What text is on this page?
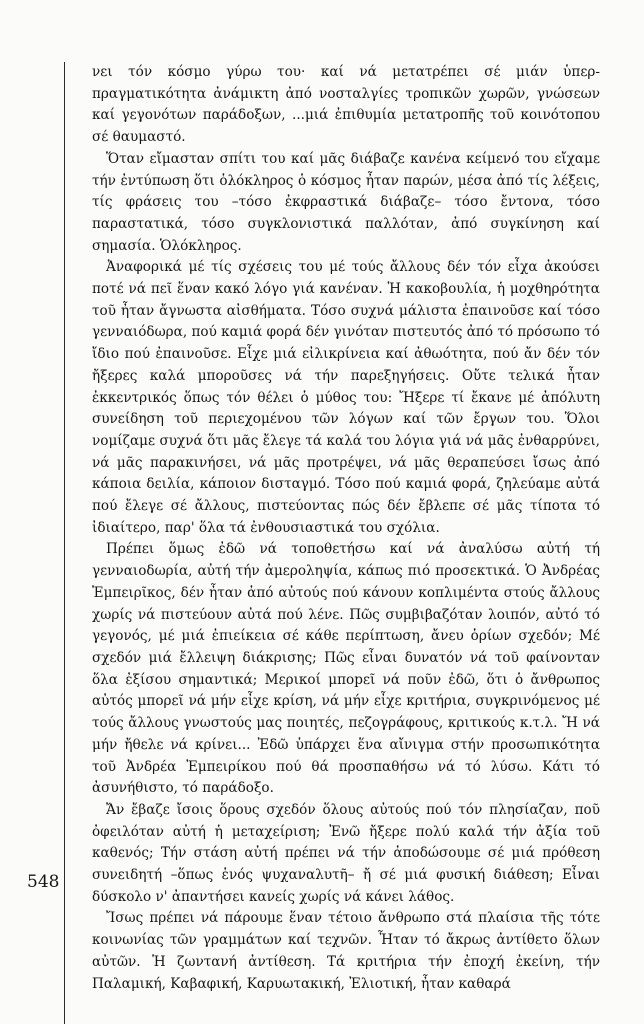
νει τόν κόσμο γύρω του· καί νά μετατρέπει σέ μιάν ὑπερ-πραγματικότητα ἀνάμικτη ἀπό νοσταλγίες τροπικῶν χωρῶν, γνώσεων καί γεγονότων παράδοξων, ...μιά ἐπιθυμία μετατροπῆς τοῦ κοινότοπου σέ θαυμαστό.

Ὅταν εἴμασταν σπίτι του καί μᾶς διάβαζε κανένα κείμενό του εἴχαμε τήν ἐντύπωση ὅτι ὁλόκληρος ὁ κόσμος ἦταν παρών, μέσα ἀπό τίς λέξεις, τίς φράσεις του –τόσο ἐκφραστικά διάβαζε– τόσο ἔντονα, τόσο παραστατικά, τόσο συγκλονιστικά παλλόταν, ἀπό συγκίνηση καί σημασία. Ὁλόκληρος.

Ἀναφορικά μέ τίς σχέσεις του μέ τούς ἄλλους δέν τόν εἶχα ἀκούσει ποτέ νά πεῖ ἕναν κακό λόγο γιά κανέναν. Ἡ κακοβουλία, ἡ μοχθηρότητα τοῦ ἦταν ἄγνωστα αἰσθήματα. Τόσο συχνά μάλιστα ἐπαινοῦσε καί τόσο γενναιόδωρα, πού καμιά φορά δέν γινόταν πιστευτός ἀπό τό πρόσωπο τό ἴδιο πού ἐπαινοῦσε. Εἶχε μιά εἰλικρίνεια καί ἀθωότητα, πού ἄν δέν τόν ἤξερες καλά μποροῦσες νά τήν παρεξηγήσεις. Οὔτε τελικά ἦταν ἐκκεντρικός ὅπως τόν θέλει ὁ μύθος του: Ἤξερε τί ἔκανε μέ ἀπόλυτη συνείδηση τοῦ περιεχομένου τῶν λόγων καί τῶν ἔργων του. Ὅλοι νομίζαμε συχνά ὅτι μᾶς ἔλεγε τά καλά του λόγια γιά νά μᾶς ἐνθαρρύνει, νά μᾶς παρακινήσει, νά μᾶς προτρέψει, νά μᾶς θεραπεύσει ἴσως ἀπό κάποια δειλία, κάποιον δισταγμό. Τόσο πού καμιά φορά, ζηλεύαμε αὐτά πού ἔλεγε σέ ἄλλους, πιστεύοντας πώς δέν ἔβλεπε σέ μᾶς τίποτα τό ἰδιαίτερο, παρ' ὅλα τά ἐνθουσιαστικά του σχόλια.

Πρέπει ὅμως ἐδῶ νά τοποθετήσω καί νά ἀναλύσω αὐτή τή γενναιοδωρία, αὐτή τήν ἀμεροληψία, κάπως πιό προσεκτικά. Ὁ Ἀνδρέας Ἐμπειρῖκος, δέν ἦταν ἀπό αὐτούς πού κάνουν κοπλιμέντα στούς ἄλλους χωρίς νά πιστεύουν αὐτά πού λένε. Πῶς συμβιβαζόταν λοιπόν, αὐτό τό γεγονός, μέ μιά ἐπιείκεια σέ κάθε περίπτωση, ἄνευ ὁρίων σχεδόν; Μέ σχεδόν μιά ἔλλειψη διάκρισης; Πῶς εἶναι δυνατόν νά τοῦ φαίνονταν ὅλα ἐξίσου σημαντικά; Μερικοί μποpεῖ νά ποῦν ἐδῶ, ὅτι ὁ ἄνθρωπος αὐτός μπορεῖ νά μήν εἶχε κρίση, νά μήν εἶχε κριτήρια, συγκρινόμενος μέ τούς ἄλλους γνωστούς μας ποιητές, πεζογράφους, κριτικούς κ.τ.λ. Ἤ νά μήν ἤθελε νά κρίνει... Ἐδῶ ὑπάρχει ἕνα αἴνιγμα στήν προσωπικότητα τοῦ Ἀνδρέα Ἐμπειρίκου πού θά προσπαθήσω νά τό λύσω. Κάτι τό ἀσυνήθιστο, τό παράδοξο.

Ἄν ἔβαζε ἴσοις ὅρους σχεδόν ὅλους αὐτούς πού τόν πλησίαζαν, ποῦ ὀφειλόταν αὐτή ἡ μεταχείριση; Ἐνῶ ἤξερε πολύ καλά τήν ἀξία τοῦ καθενός; Τήν στάση αὐτή πρέπει νά τήν ἀποδώσουμε σέ μιά πρόθεση συνειδητή –ὅπως ἑνός ψυχαναλυτῆ– ἤ σέ μιά φυσική διάθεση; Εἶναι δύσκολο ν' ἀπαντήσει κανείς χωρίς νά κάνει λάθος.

Ἴσως πρέπει νά πάρουμε ἕναν τέτοιο ἄνθρωπο στά πλαίσια τῆς τότε κοινωνίας τῶν γραμμάτων καί τεχνῶν. Ἦταν τό ἄκρως ἀντίθετο ὅλων αὐτῶν. Ἡ ζωντανή ἀντίθεση. Τά κριτήρια τήν ἐποχή ἐκείνη, τήν Παλαμική, Καβαφική, Καρυωτακική, Ἐλιοτική, ἦταν καθαρά

548
